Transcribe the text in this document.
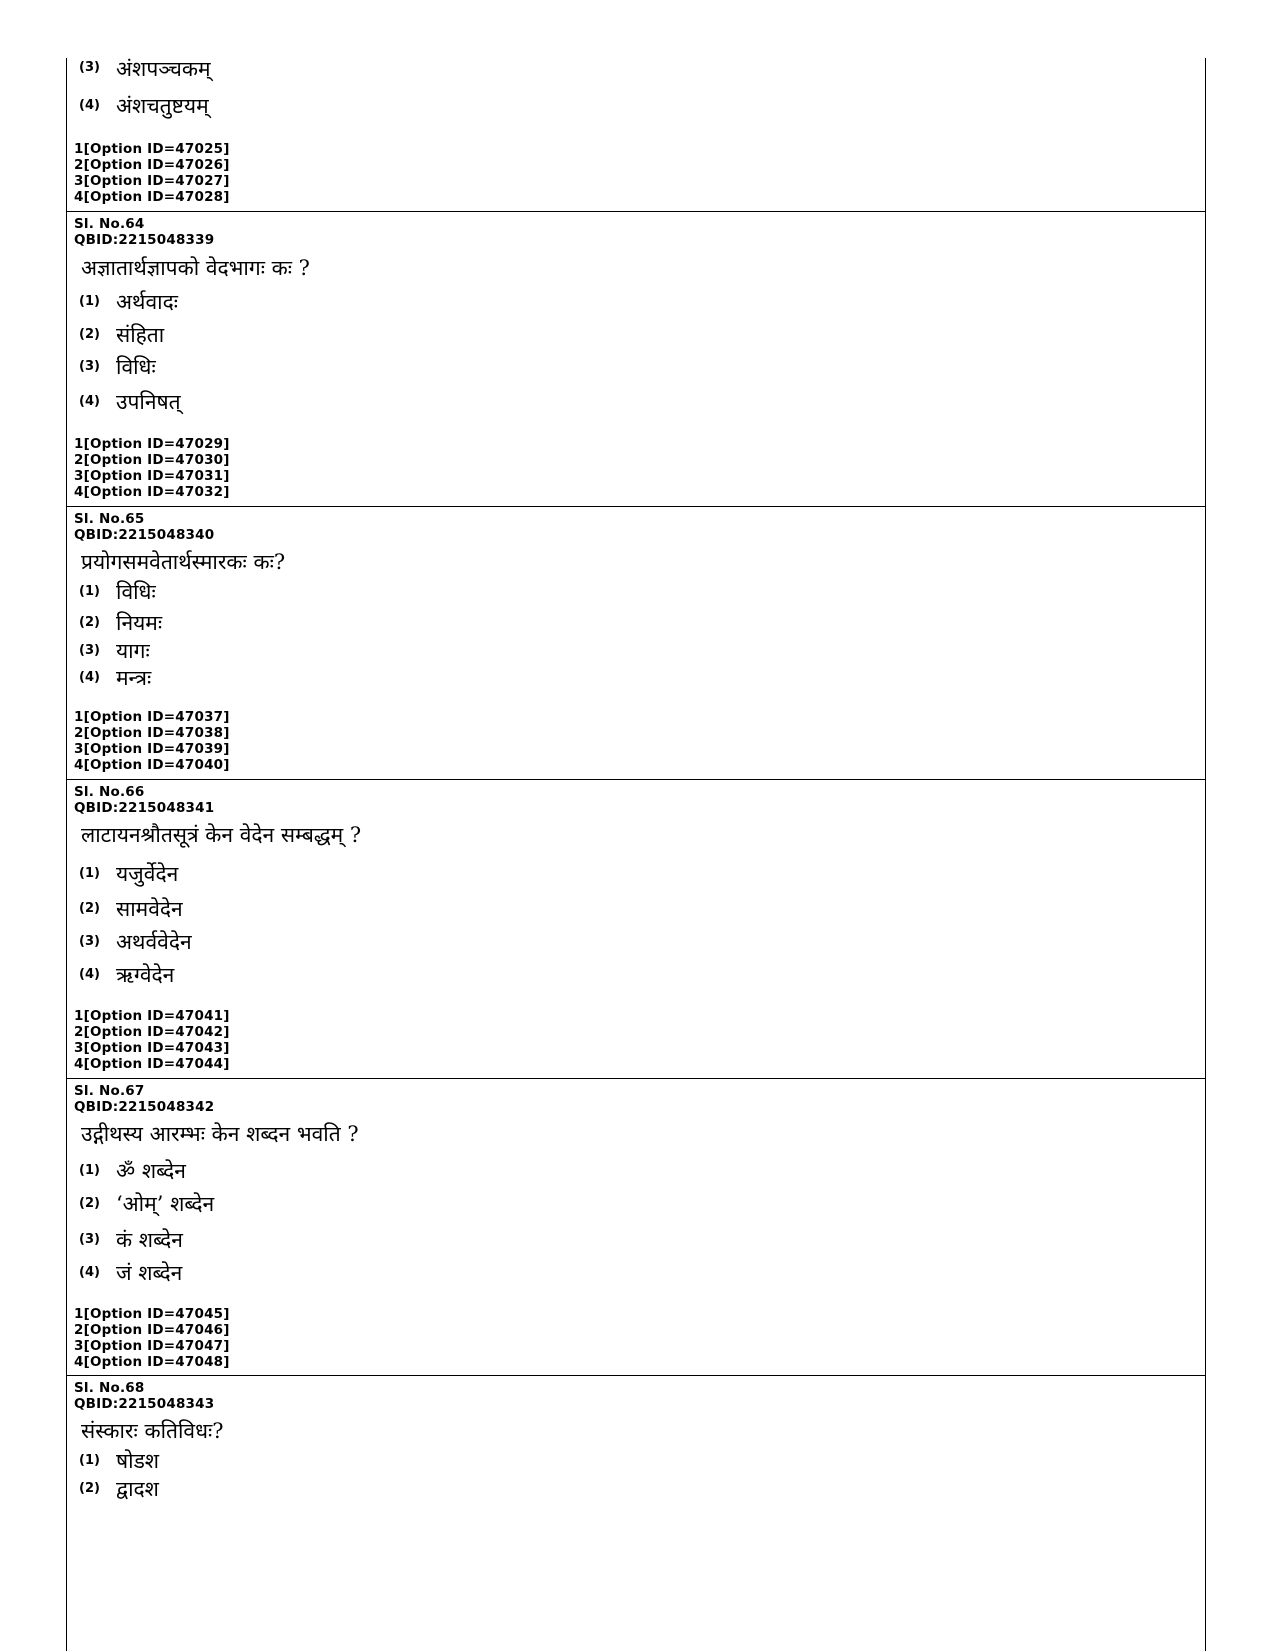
(3) अंशपञ्चकम्
(4) अंशचतुष्टयम्
1[Option ID=47025]
2[Option ID=47026]
3[Option ID=47027]
4[Option ID=47028]
Sl. No.64
QBID:2215048339
अज्ञातार्थज्ञापको वेदभागः कः ?
(1) अर्थवादः
(2) संहिता
(3) विधिः
(4) उपनिषत्
1[Option ID=47029]
2[Option ID=47030]
3[Option ID=47031]
4[Option ID=47032]
Sl. No.65
QBID:2215048340
प्रयोगसमवेतार्थस्मारकः कः?
(1) विधिः
(2) नियमः
(3) यागः
(4) मन्त्रः
1[Option ID=47037]
2[Option ID=47038]
3[Option ID=47039]
4[Option ID=47040]
Sl. No.66
QBID:2215048341
लाटायनश्रौतसूत्रं केन वेदेन सम्बद्धम् ?
(1) यजुर्वेदेन
(2) सामवेदेन
(3) अथर्ववेदेन
(4) ऋग्वेदेन
1[Option ID=47041]
2[Option ID=47042]
3[Option ID=47043]
4[Option ID=47044]
Sl. No.67
QBID:2215048342
उद्गीथस्य आरम्भः केन शब्दन भवति ?
(1) ॐ शब्देन
(2) ‘ओम्’ शब्देन
(3) कं शब्देन
(4) जं शब्देन
1[Option ID=47045]
2[Option ID=47046]
3[Option ID=47047]
4[Option ID=47048]
Sl. No.68
QBID:2215048343
संस्कारः कतिविधः?
(1) षोडश
(2) द्वादश
